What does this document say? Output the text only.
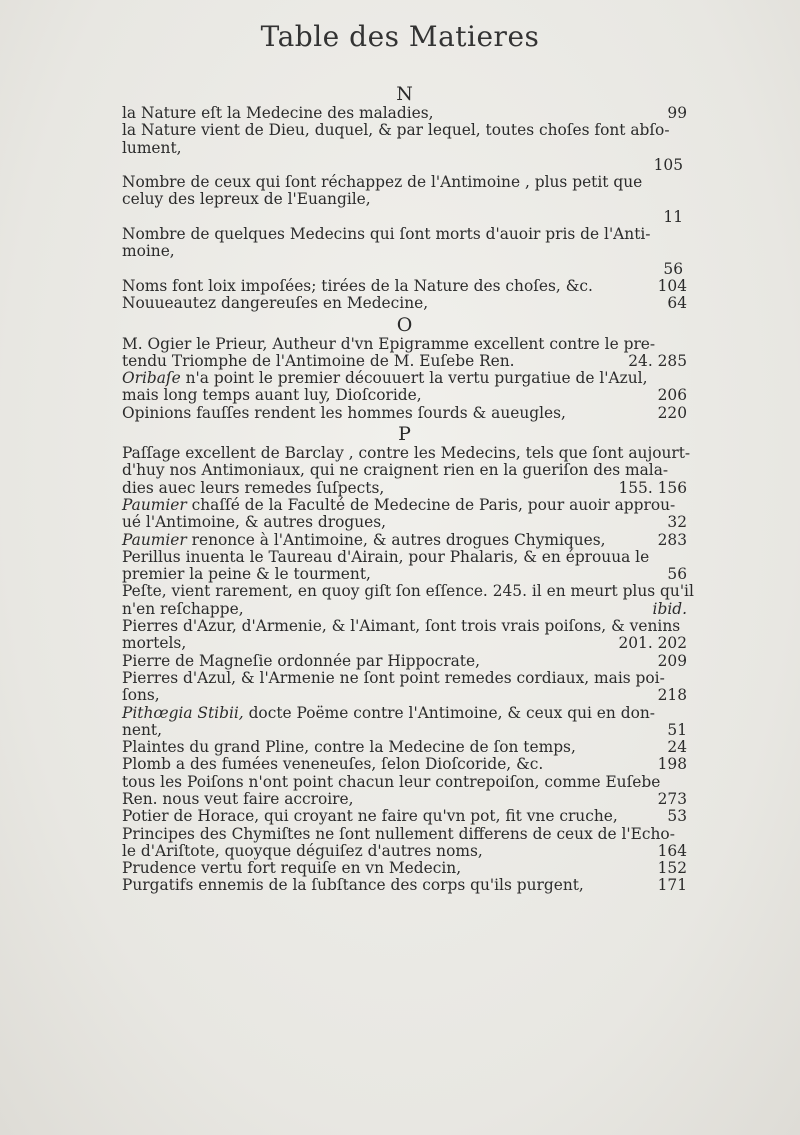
Table des Matieres
N
la Nature eſt la Medecine des maladies,	99
la Nature vient de Dieu, duquel, & par lequel, toutes choſes font abſo-
lument,
105
Nombre de ceux qui ſont réchappez de l'Antimoine , plus petit que
celuy des lepreux de l'Euangile,
11
Nombre de quelques Medecins qui ſont morts d'auoir pris de l'Anti-
moine,
56
Noms font loix impoſées; tirées de la Nature des choſes, &c.	104
Nouueautez dangereuſes en Medecine,	64
O
M. Ogier le Prieur, Autheur d'vn Epigramme excellent contre le pre-
tendu Triomphe de l'Antimoine de M. Euſebe Ren.	24. 285
Oribaſe n'a point le premier découuert la vertu purgatiue de l'Azul,
mais long temps auant luy, Dioſcoride,	206
Opinions fauſſes rendent les hommes ſourds & aueugles,	220
P
Paſſage excellent de Barclay , contre les Medecins, tels que ſont aujourt-
d'huy nos Antimoniaux, qui ne craignent rien en la gueriſon des mala-
dies auec leurs remedes ſuſpects,	155. 156
Paumier chaſſé de la Faculté de Medecine de Paris, pour auoir approu-
ué l'Antimoine, & autres drogues,	32
Paumier renonce à l'Antimoine, & autres drogues Chymiques,	283
Perillus inuenta le Taureau d'Airain, pour Phalaris, & en éprouua le
premier la peine & le tourment,	56
Peſte, vient rarement, en quoy giſt ſon eſſence. 245. il en meurt plus qu'il
n'en reſchappe,	ibid.
Pierres d'Azur, d'Armenie, & l'Aimant, ſont trois vrais poiſons, & venins
mortels,	201. 202
Pierre de Magneſie ordonnée par Hippocrate,	209
Pierres d'Azul, & l'Armenie ne ſont point remedes cordiaux, mais poi-
ſons,	218
Pithœgia Stibii, docte Poëme contre l'Antimoine, & ceux qui en don-
nent,	51
Plaintes du grand Pline, contre la Medecine de ſon temps,	24
Plomb a des fumées veneneuſes, ſelon Dioſcoride, &c.	198
tous les Poiſons n'ont point chacun leur contrepoiſon, comme Euſebe
Ren. nous veut faire accroire,	273
Potier de Horace, qui croyant ne faire qu'vn pot, fit vne cruche,	53
Principes des Chymiſtes ne ſont nullement differens de ceux de l'Echo-
le d'Ariſtote, quoyque déguiſez d'autres noms,	164
Prudence vertu fort requiſe en vn Medecin,	152
Purgatifs ennemis de la ſubſtance des corps qu'ils purgent,	171
